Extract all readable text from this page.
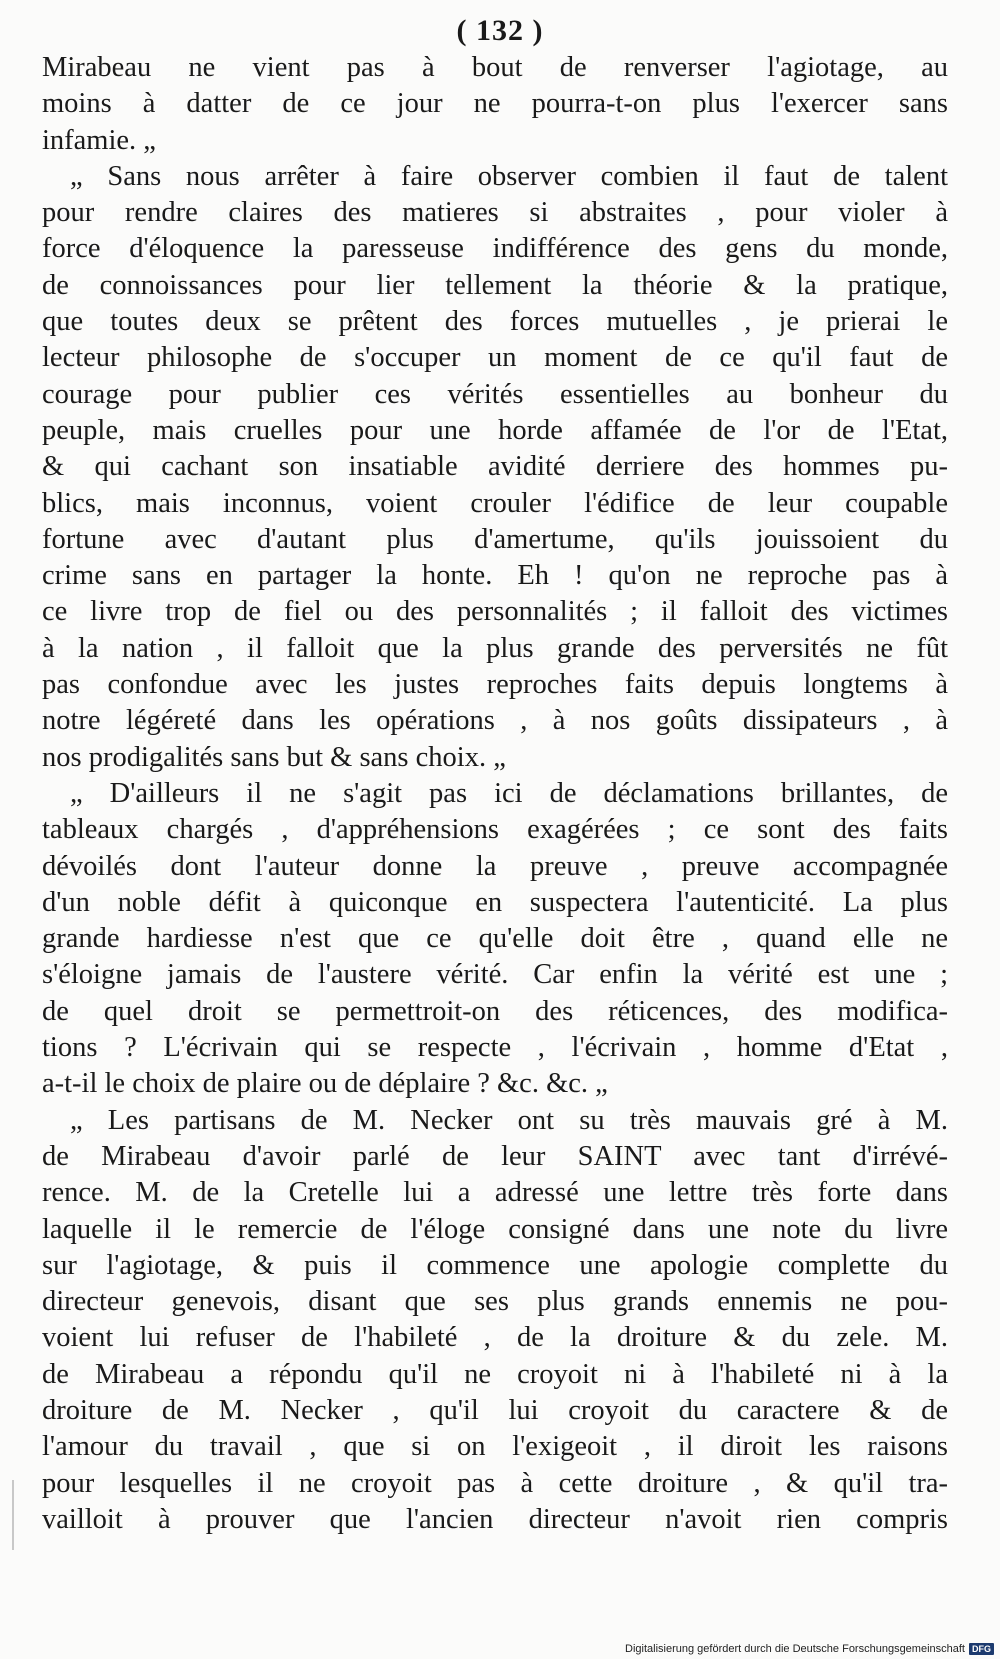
( 132 )
Mirabeau ne vient pas à bout de renverser l'agiotage, au
moins à datter de ce jour ne pourra-t-on plus l'exercer sans
infamie. „
„ Sans nous arrêter à faire observer combien il faut de talent
pour rendre claires des matieres si abstraites , pour violer à
force d'éloquence la paresseuse indifférence des gens du monde,
de connoissances pour lier tellement la théorie & la pratique,
que toutes deux se prêtent des forces mutuelles , je prierai le
lecteur philosophe de s'occuper un moment de ce qu'il faut de
courage pour publier ces vérités essentielles au bonheur du
peuple, mais cruelles pour une horde affamée de l'or de l'Etat,
& qui cachant son insatiable avidité derriere des hommes pu-
blics, mais inconnus, voient crouler l'édifice de leur coupable
fortune avec d'autant plus d'amertume, qu'ils jouissoient du
crime sans en partager la honte. Eh ! qu'on ne reproche pas à
ce livre trop de fiel ou des personnalités ; il falloit des victimes
à la nation , il falloit que la plus grande des perversités ne fût
pas confondue avec les justes reproches faits depuis longtems à
notre légéreté dans les opérations , à nos goûts dissipateurs , à
nos prodigalités sans but & sans choix. „
„ D'ailleurs il ne s'agit pas ici de déclamations brillantes, de
tableaux chargés , d'appréhensions exagérées ; ce sont des faits
dévoilés dont l'auteur donne la preuve , preuve accompagnée
d'un noble défit à quiconque en suspectera l'autenticité. La plus
grande hardiesse n'est que ce qu'elle doit être , quand elle ne
s'éloigne jamais de l'austere vérité. Car enfin la vérité est une ;
de quel droit se permettroit-on des réticences, des modifica-
tions ? L'écrivain qui se respecte , l'écrivain , homme d'Etat ,
a-t-il le choix de plaire ou de déplaire ? &c. &c. „
„ Les partisans de M. Necker ont su très mauvais gré à M.
de Mirabeau d'avoir parlé de leur SAINT avec tant d'irrévé-
rence. M. de la Cretelle lui a adressé une lettre très forte dans
laquelle il le remercie de l'éloge consigné dans une note du livre
sur l'agiotage, & puis il commence une apologie complette du
directeur genevois, disant que ses plus grands ennemis ne pou-
voient lui refuser de l'habileté , de la droiture & du zele. M.
de Mirabeau a répondu qu'il ne croyoit ni à l'habileté ni à la
droiture de M. Necker , qu'il lui croyoit du caractere & de
l'amour du travail , que si on l'exigeoit , il diroit les raisons
pour lesquelles il ne croyoit pas à cette droiture , & qu'il tra-
vailloit à prouver que l'ancien directeur n'avoit rien compris
Digitalisierung gefördert durch die Deutsche Forschungsgemeinschaft DFG
